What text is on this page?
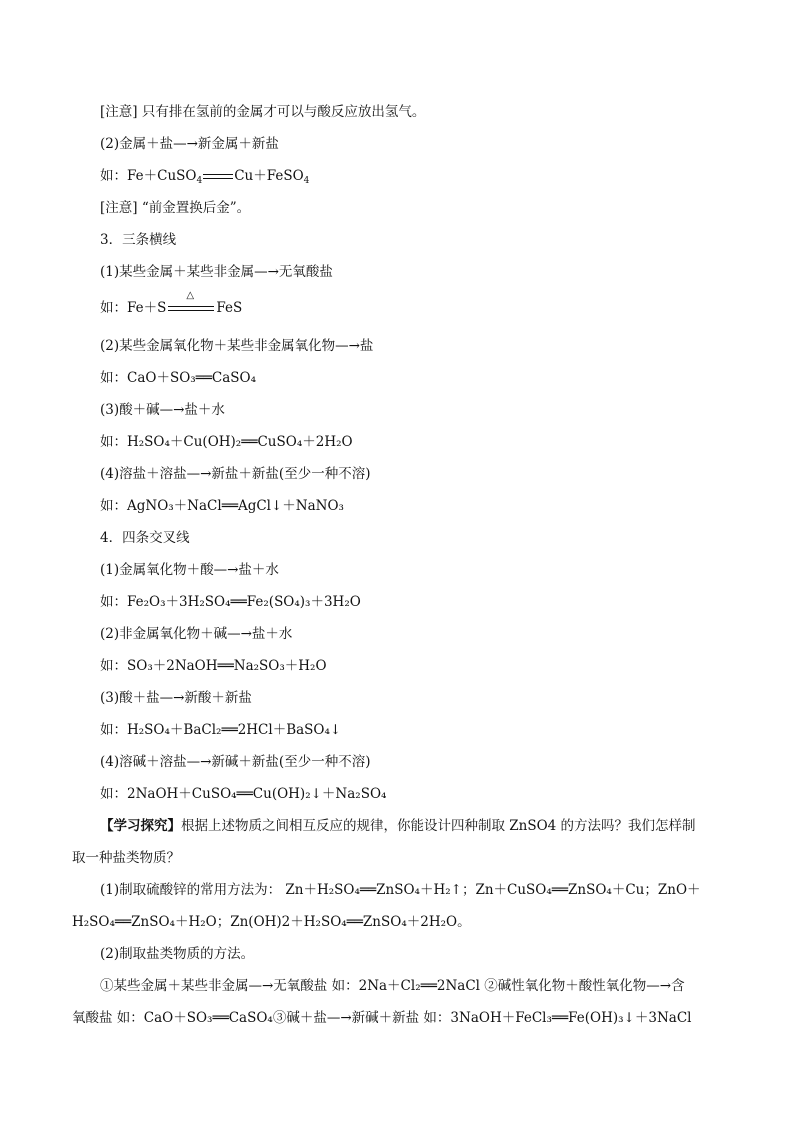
[注意] 只有排在氢前的金属才可以与酸反应放出氢气。
(2)金属＋盐—→新金属＋新盐
如：Fe＋CuSO$_4$ Cu＋FeSO$_4$
[注意] “前金置换后金”。
3．三条横线
(1)某些金属＋某些非金属—→无氧酸盐
如：Fe＋S
△
FeS
(2)某些金属氧化物＋某些非金属氧化物—→盐
如：CaO＋SO₃══CaSO₄
(3)酸＋碱—→盐＋水
如：H₂SO₄＋Cu(OH)₂══CuSO₄＋2H₂O
(4)溶盐＋溶盐—→新盐＋新盐(至少一种不溶)
如：AgNO₃＋NaCl══AgCl↓＋NaNO₃
4．四条交叉线
(1)金属氧化物＋酸—→盐＋水
如：Fe₂O₃＋3H₂SO₄══Fe₂(SO₄)₃＋3H₂O
(2)非金属氧化物＋碱—→盐＋水
如：SO₃＋2NaOH══Na₂SO₃＋H₂O
(3)酸＋盐—→新酸＋新盐
如：H₂SO₄＋BaCl₂══2HCl＋BaSO₄↓
(4)溶碱＋溶盐—→新碱＋新盐(至少一种不溶)
如：2NaOH＋CuSO₄══Cu(OH)₂↓＋Na₂SO₄
【学习探究】根据上述物质之间相互反应的规律，你能设计四种制取 ZnSO4 的方法吗？我们怎样制
取一种盐类物质？
(1)制取硫酸锌的常用方法为： Zn＋H₂SO₄══ZnSO₄＋H₂↑；Zn＋CuSO₄══ZnSO₄＋Cu；ZnO＋
H₂SO₄══ZnSO₄＋H₂O；Zn(OH)2＋H₂SO₄══ZnSO₄＋2H₂O。
(2)制取盐类物质的方法。
①某些金属＋某些非金属—→无氧酸盐 如：2Na＋Cl₂══2NaCl ②碱性氧化物＋酸性氧化物—→含
氧酸盐 如：CaO＋SO₃══CaSO₄③碱＋盐—→新碱＋新盐 如：3NaOH＋FeCl₃══Fe(OH)₃↓＋3NaCl
